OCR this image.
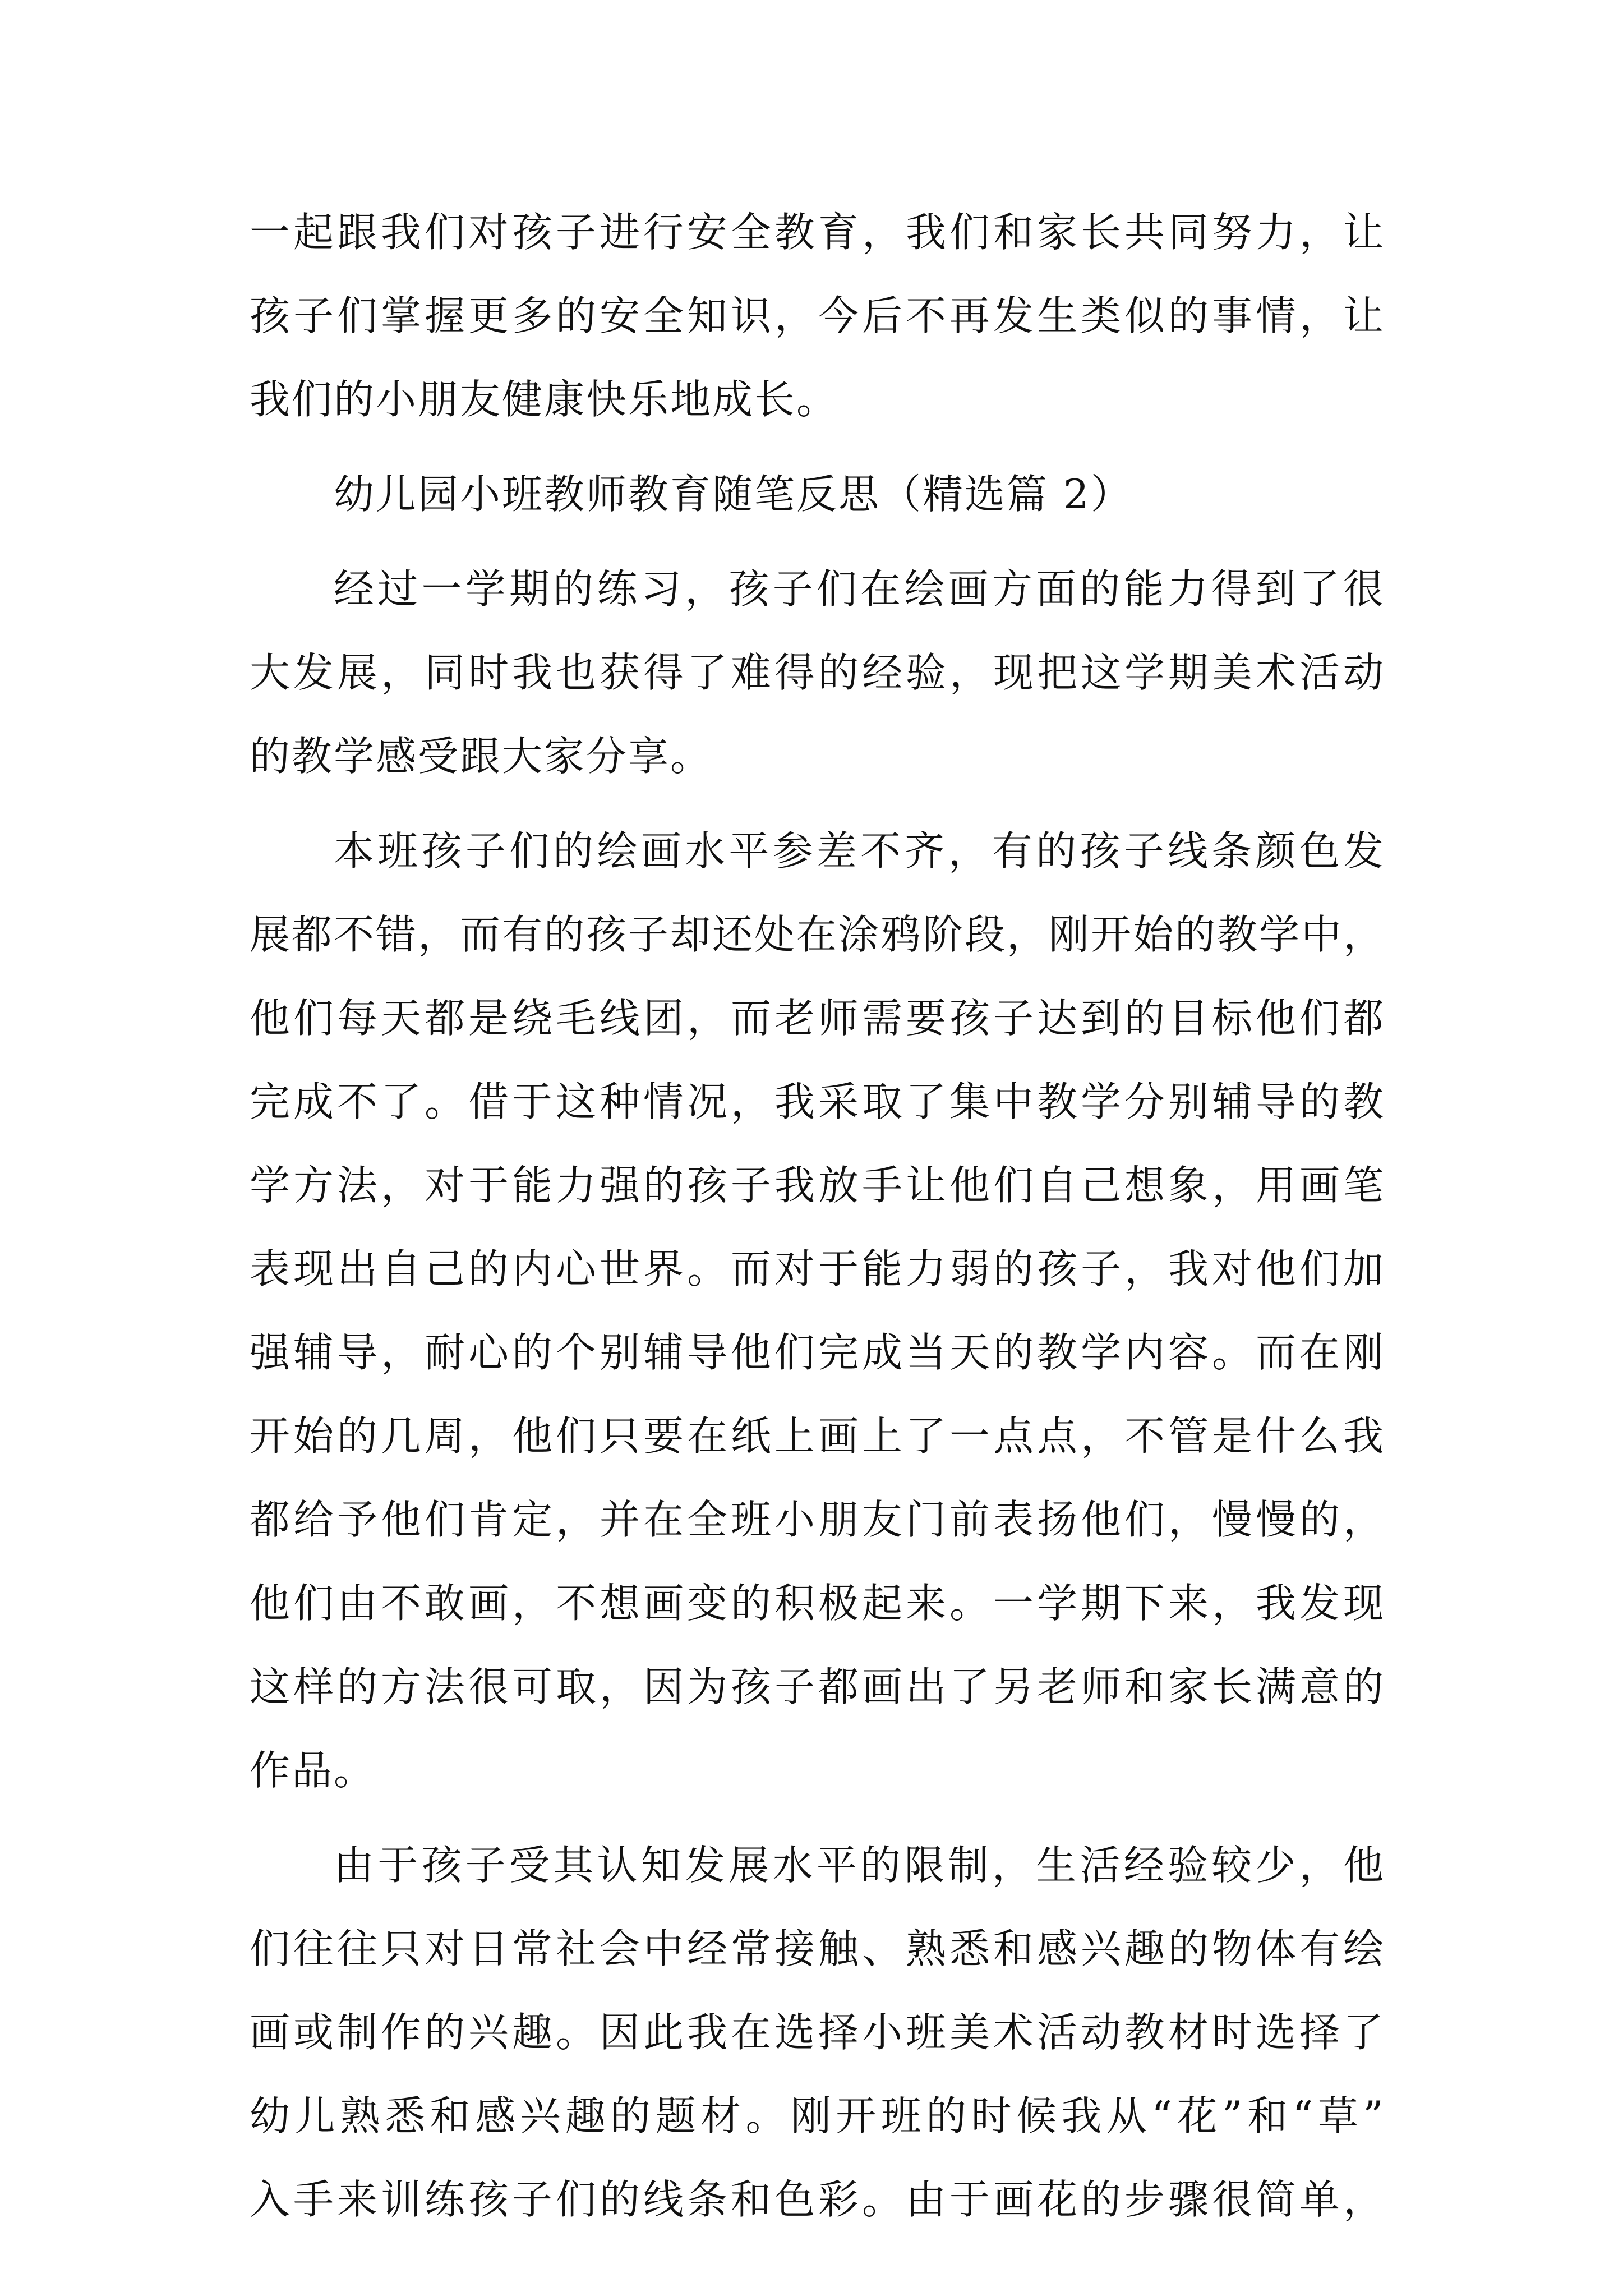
一起跟我们对孩子进行安全教育，我们和家长共同努力，让
孩子们掌握更多的安全知识，今后不再发生类似的事情，让
我们的小朋友健康快乐地成长。
幼儿园小班教师教育随笔反思（精选篇 2）
经过一学期的练习，孩子们在绘画方面的能力得到了很
大发展，同时我也获得了难得的经验，现把这学期美术活动
的教学感受跟大家分享。
本班孩子们的绘画水平参差不齐，有的孩子线条颜色发
展都不错，而有的孩子却还处在涂鸦阶段，刚开始的教学中，
他们每天都是绕毛线团，而老师需要孩子达到的目标他们都
完成不了。借于这种情况，我采取了集中教学分别辅导的教
学方法，对于能力强的孩子我放手让他们自己想象，用画笔
表现出自己的内心世界。而对于能力弱的孩子，我对他们加
强辅导，耐心的个别辅导他们完成当天的教学内容。而在刚
开始的几周，他们只要在纸上画上了一点点，不管是什么我
都给予他们肯定，并在全班小朋友门前表扬他们，慢慢的，
他们由不敢画，不想画变的积极起来。一学期下来，我发现
这样的方法很可取，因为孩子都画出了另老师和家长满意的
作品。
由于孩子受其认知发展水平的限制，生活经验较少，他
们往往只对日常社会中经常接触、熟悉和感兴趣的物体有绘
画或制作的兴趣。因此我在选择小班美术活动教材时选择了
幼儿熟悉和感兴趣的题材。刚开班的时候我从“花”和“草”
入手来训练孩子们的线条和色彩。由于画花的步骤很简单，
